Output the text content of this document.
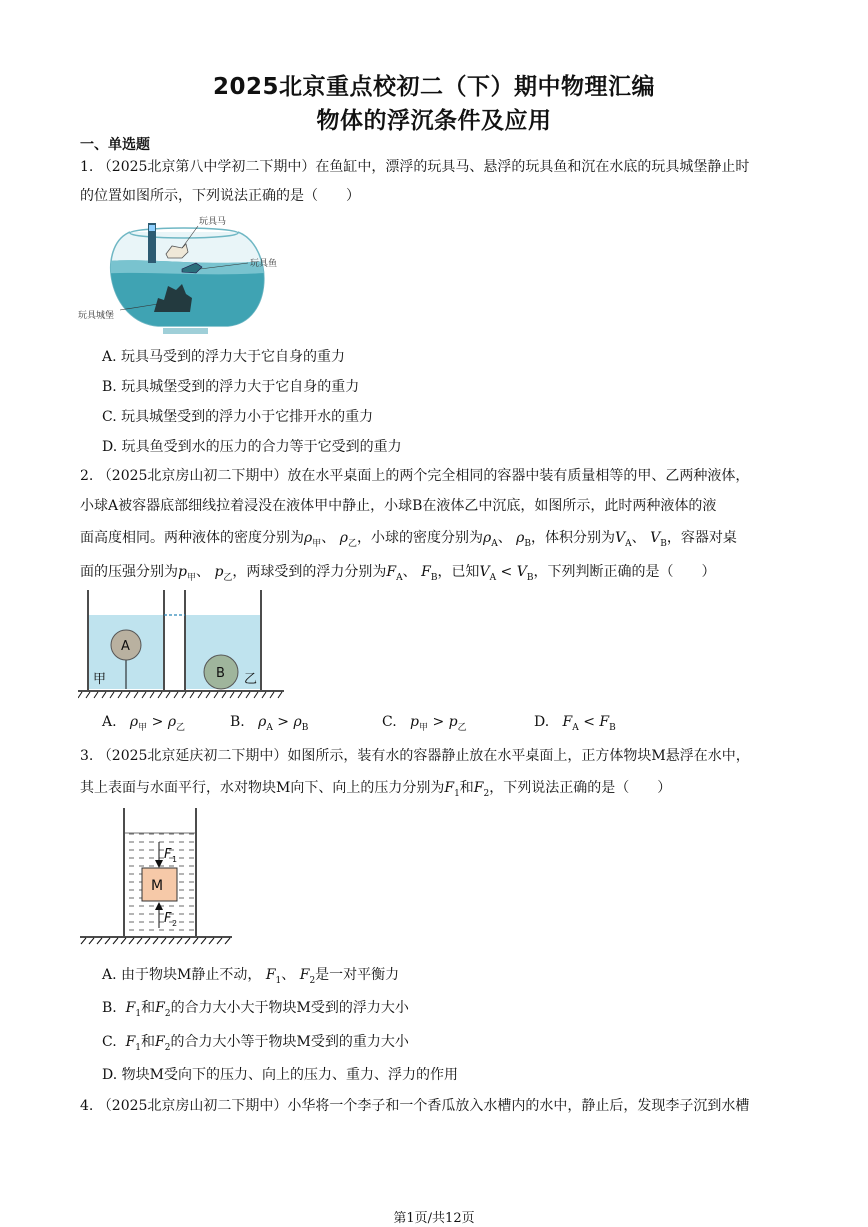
2025北京重点校初二（下）期中物理汇编
物体的浮沉条件及应用
一、单选题
1. （2025北京第八中学初二下期中）在鱼缸中，漂浮的玩具马、悬浮的玩具鱼和沉在水底的玩具城堡静止时
的位置如图所示，下列说法正确的是（　　）
玩具马
玩具鱼
玩具城堡
A. 玩具马受到的浮力大于它自身的重力
B. 玩具城堡受到的浮力大于它自身的重力
C. 玩具城堡受到的浮力小于它排开水的重力
D. 玩具鱼受到水的压力的合力等于它受到的重力
2. （2025北京房山初二下期中）放在水平桌面上的两个完全相同的容器中装有质量相等的甲、乙两种液体，
小球A被容器底部细线拉着浸没在液体甲中静止，小球B在液体乙中沉底，如图所示，此时两种液体的液
面高度相同。两种液体的密度分别为$\rho_甲$、 $\rho_乙$，小球的密度分别为$\rho_A$、 $\rho_B$，体积分别为$V_A$、 $V_B$，容器对桌
面的压强分别为$p_甲$、 $p_乙$，两球受到的浮力分别为$F_A$、 $F_B$，已知$V_A < V_B$，下列判断正确的是（　　）
A
B
甲	乙
A. $\rho_甲 > \rho_乙$	B. $\rho_A > \rho_B$	C. $p_甲 > p_乙$	D. $F_A < F_B$
3. （2025北京延庆初二下期中）如图所示，装有水的容器静止放在水平桌面上，正方体物块M悬浮在水中，
其上表面与水面平行，水对物块M向下、向上的压力分别为$F_1$和$F_2$，下列说法正确的是（　　）
M
F 1
F 2
A. 由于物块M静止不动， $F_1$、 $F_2$是一对平衡力
B. $F_1$和$F_2$的合力大小大于物块M受到的浮力大小
C. $F_1$和$F_2$的合力大小等于物块M受到的重力大小
D. 物块M受向下的压力、向上的压力、重力、浮力的作用
4. （2025北京房山初二下期中）小华将一个李子和一个香瓜放入水槽内的水中，静止后，发现李子沉到水槽
第1页/共12页
